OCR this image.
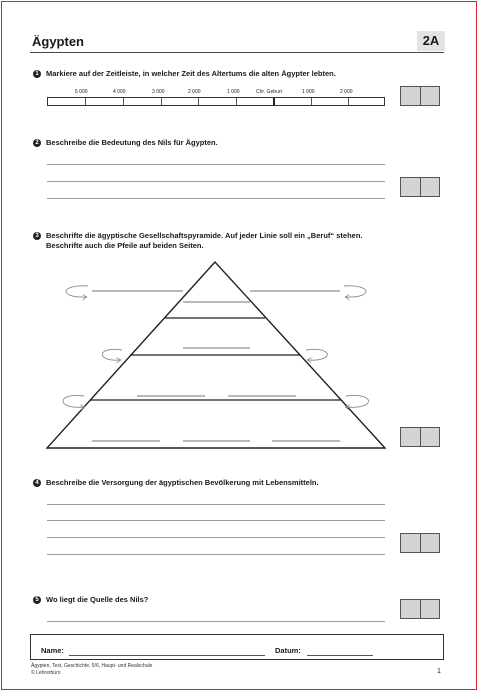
Ägypten	2A
1 Markiere auf der Zeitleiste, in welcher Zeit des Altertums die alten Ägypter lebten.
5 000	4 000	3 000	2 000	1 000	Chr. Geburt	1 000	2 000
2 Beschreibe die Bedeutung des Nils für Ägypten.
3 Beschrifte die ägyptische Gesellschaftspyramide. Auf jeder Linie soll ein „Beruf“ stehen.
Beschrifte auch die Pfeile auf beiden Seiten.
4 Beschreibe die Versorgung der ägyptischen Bevölkerung mit Lebensmitteln.
5 Wo liegt die Quelle des Nils?
Name:	Datum:
Ägypten, Test, Geschichte, 5/6, Haupt- und Realschule
© Lehrerbüro	1
